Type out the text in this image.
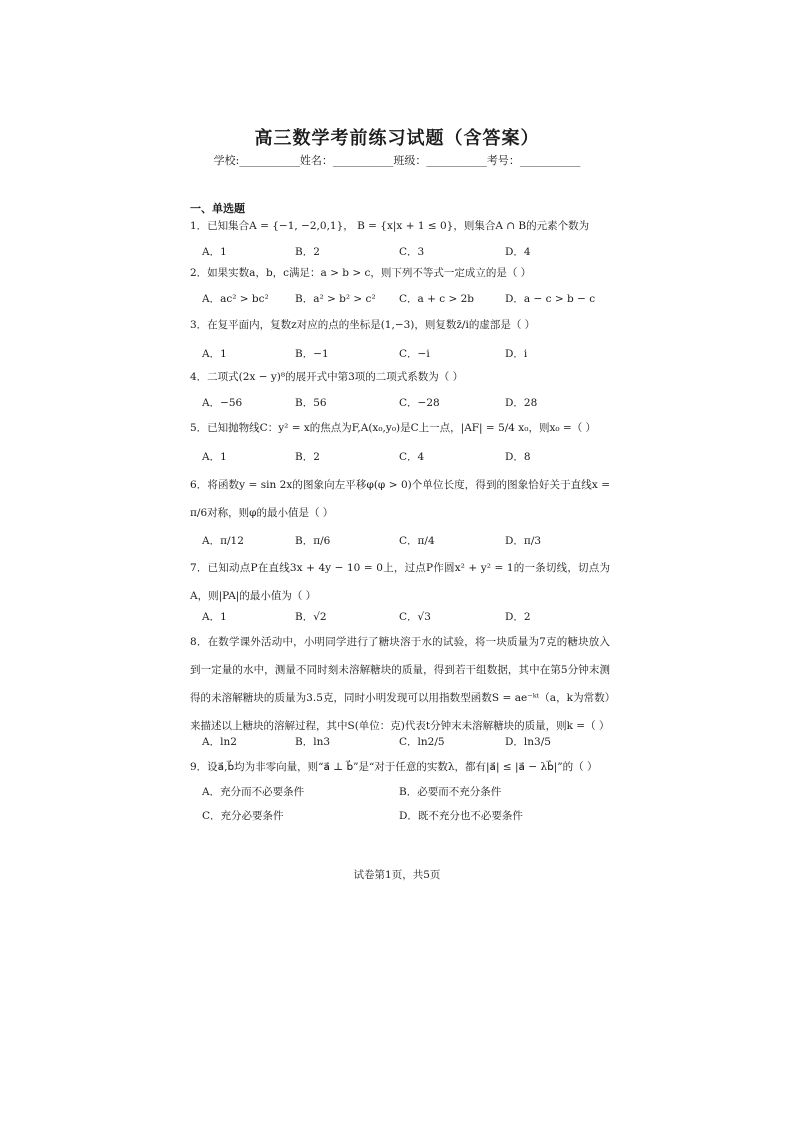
高三数学考前练习试题（含答案）
学校:___________姓名：___________班级：___________考号：___________
一、单选题
1．已知集合A = {−1, −2,0,1}， B = {x|x + 1 ≤ 0}，则集合A ∩ B的元素个数为
A．1	B．2	C．3	D．4
2．如果实数a，b，c满足：a > b > c，则下列不等式一定成立的是（ ）
A．ac² > bc²	B．a² > b² > c² C．a + c > 2b	D．a − c > b − c
3．在复平面内，复数z对应的点的坐标是(1,−3)，则复数z̄/i的虚部是（ ）
A．1	B．−1	C．−i	D．i
4．二项式(2x − y)⁸的展开式中第3项的二项式系数为（ ）
A．−56	B．56	C．−28	D．28
5．已知抛物线C：y² = x的焦点为F,A(x₀,y₀)是C上一点，|AF| = 5/4 x₀，则x₀ =（ ）
A．1	B．2	C．4	D．8
6．将函数y = sin 2x的图象向左平移φ(φ > 0)个单位长度，得到的图象恰好关于直线x = π/6对称，则φ的最小值是（ ）
A．π/12	B．π/6	C．π/4	D．π/3
7．已知动点P在直线3x + 4y − 10 = 0上，过点P作圆x² + y² = 1的一条切线，切点为A，则|PA|的最小值为（ ）
A．1	B．√2	C．√3	D．2
8．在数学课外活动中，小明同学进行了糖块溶于水的试验，将一块质量为7克的糖块放入到一定量的水中，测量不同时刻未溶解糖块的质量，得到若干组数据，其中在第5分钟末测得的未溶解糖块的质量为3.5克，同时小明发现可以用指数型函数S = ae⁻ᵏᵗ（a，k为常数）来描述以上糖块的溶解过程，其中S(单位：克)代表t分钟末未溶解糖块的质量，则k =（ ）
A．ln2	B．ln3	C．ln2/5	D．ln3/5
9．设a⃗,b⃗均为非零向量，则“a⃗ ⊥ b⃗”是“对于任意的实数λ，都有|a⃗| ≤ |a⃗ − λb⃗|”的（ ）
A．充分而不必要条件	B．必要而不充分条件
C．充分必要条件	D．既不充分也不必要条件
试卷第1页，共5页
